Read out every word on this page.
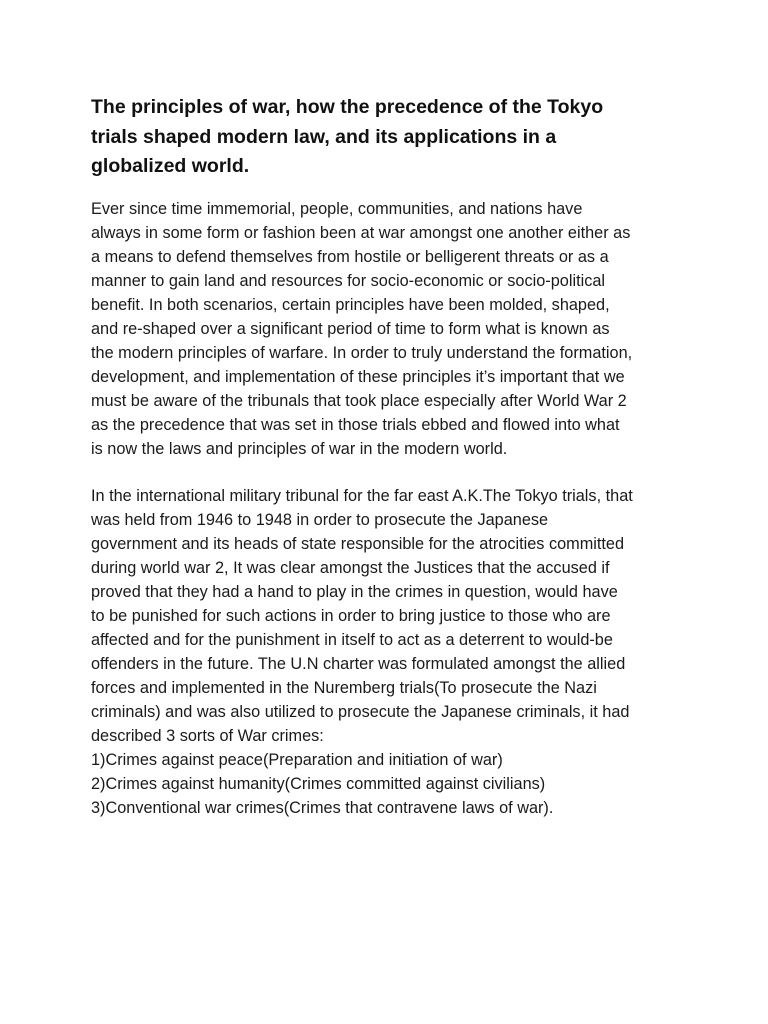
The principles of war, how the precedence of the Tokyo
trials shaped modern law, and its applications in a
globalized world.
Ever since time immemorial, people, communities, and nations have
always in some form or fashion been at war amongst one another either as
a means to defend themselves from hostile or belligerent threats or as a
manner to gain land and resources for socio-economic or socio-political
benefit. In both scenarios, certain principles have been molded, shaped,
and re-shaped over a significant period of time to form what is known as
the modern principles of warfare. In order to truly understand the formation,
development, and implementation of these principles it’s important that we
must be aware of the tribunals that took place especially after World War 2
as the precedence that was set in those trials ebbed and flowed into what
is now the laws and principles of war in the modern world.
In the international military tribunal for the far east A.K.The Tokyo trials, that
was held from 1946 to 1948 in order to prosecute the Japanese
government and its heads of state responsible for the atrocities committed
during world war 2, It was clear amongst the Justices that the accused if
proved that they had a hand to play in the crimes in question, would have
to be punished for such actions in order to bring justice to those who are
affected and for the punishment in itself to act as a deterrent to would-be
offenders in the future. The U.N charter was formulated amongst the allied
forces and implemented in the Nuremberg trials(To prosecute the Nazi
criminals) and was also utilized to prosecute the Japanese criminals, it had
described 3 sorts of War crimes:
1)Crimes against peace(Preparation and initiation of war)
2)Crimes against humanity(Crimes committed against civilians)
3)Conventional war crimes(Crimes that contravene laws of war).
